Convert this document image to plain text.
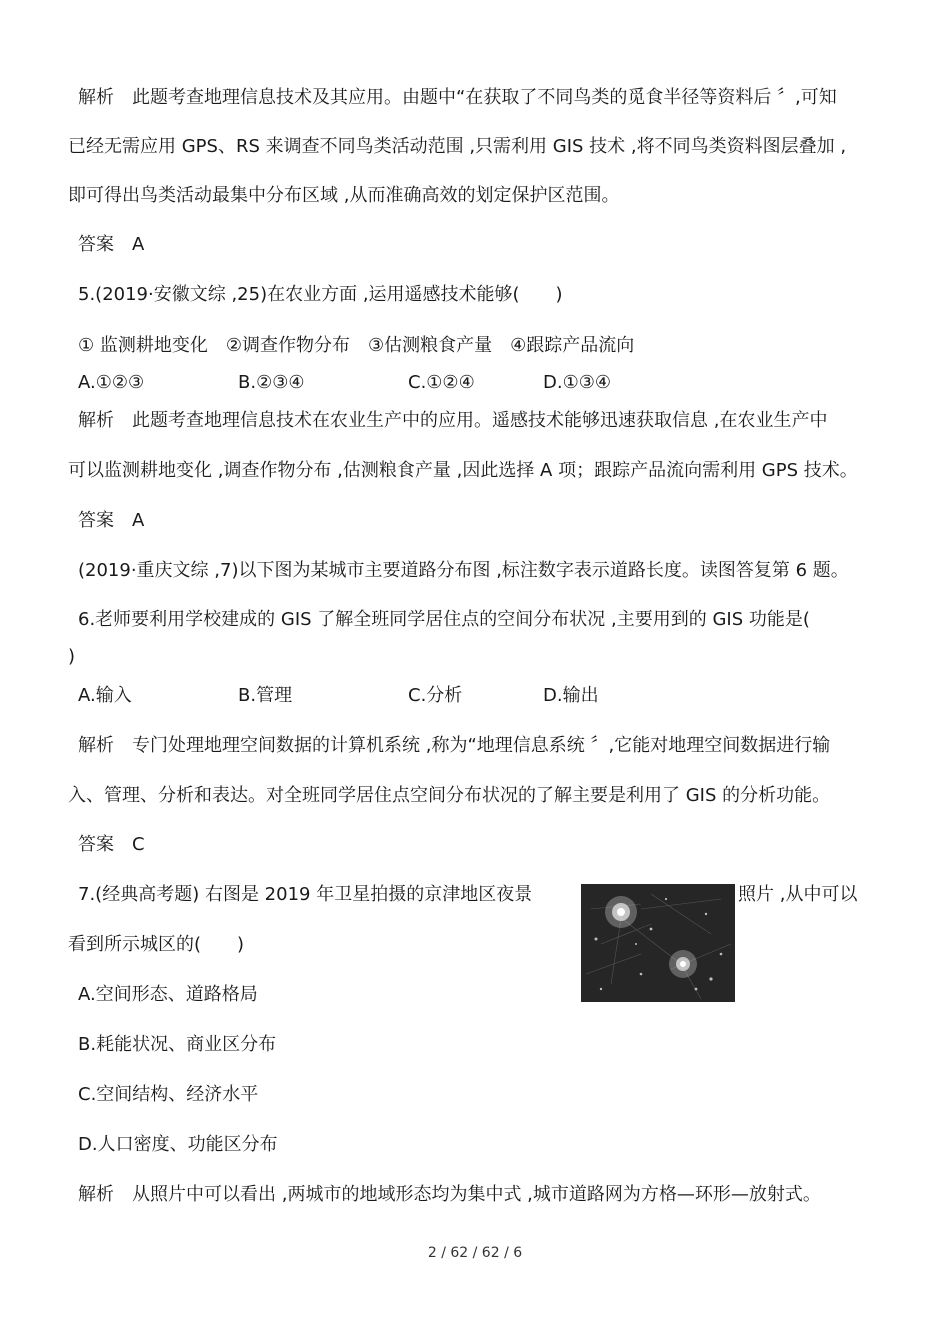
解析　此题考查地理信息技术及其应用。由题中“在获取了不同鸟类的觅食半径等资料后 〞,可知
已经无需应用 GPS、RS 来调查不同鸟类活动范围 ,只需利用 GIS 技术 ,将不同鸟类资料图层叠加 ,
即可得出鸟类活动最集中分布区域 ,从而准确高效的划定保护区范围。
答案　A
5.(2019·安徽文综 ,25)在农业方面 ,运用遥感技术能够(　　)
① 监测耕地变化　②调查作物分布　③估测粮食产量　④跟踪产品流向
A.①②③	B.②③④	C.①②④	D.①③④
解析　此题考查地理信息技术在农业生产中的应用。遥感技术能够迅速获取信息 ,在农业生产中
可以监测耕地变化 ,调查作物分布 ,估测粮食产量 ,因此选择 A 项；跟踪产品流向需利用 GPS 技术。
答案　A
(2019·重庆文综 ,7)以下图为某城市主要道路分布图 ,标注数字表示道路长度。读图答复第 6 题。
6.老师要利用学校建成的 GIS 了解全班同学居住点的空间分布状况 ,主要用到的 GIS 功能是(
)
A.输入	B.管理	C.分析	D.输出
解析　专门处理地理空间数据的计算机系统 ,称为“地理信息系统 〞,它能对地理空间数据进行输
入、管理、分析和表达。对全班同学居住点空间分布状况的了解主要是利用了 GIS 的分析功能。
答案　C
7.(经典高考题) 右图是 2019 年卫星拍摄的京津地区夜景	照片 ,从中可以
看到所示城区的(　　)
A.空间形态、道路格局
B.耗能状况、商业区分布
C.空间结构、经济水平
D.人口密度、功能区分布
解析　从照片中可以看出 ,两城市的地域形态均为集中式 ,城市道路网为方格—环形—放射式。
2 / 62 / 62 / 6
